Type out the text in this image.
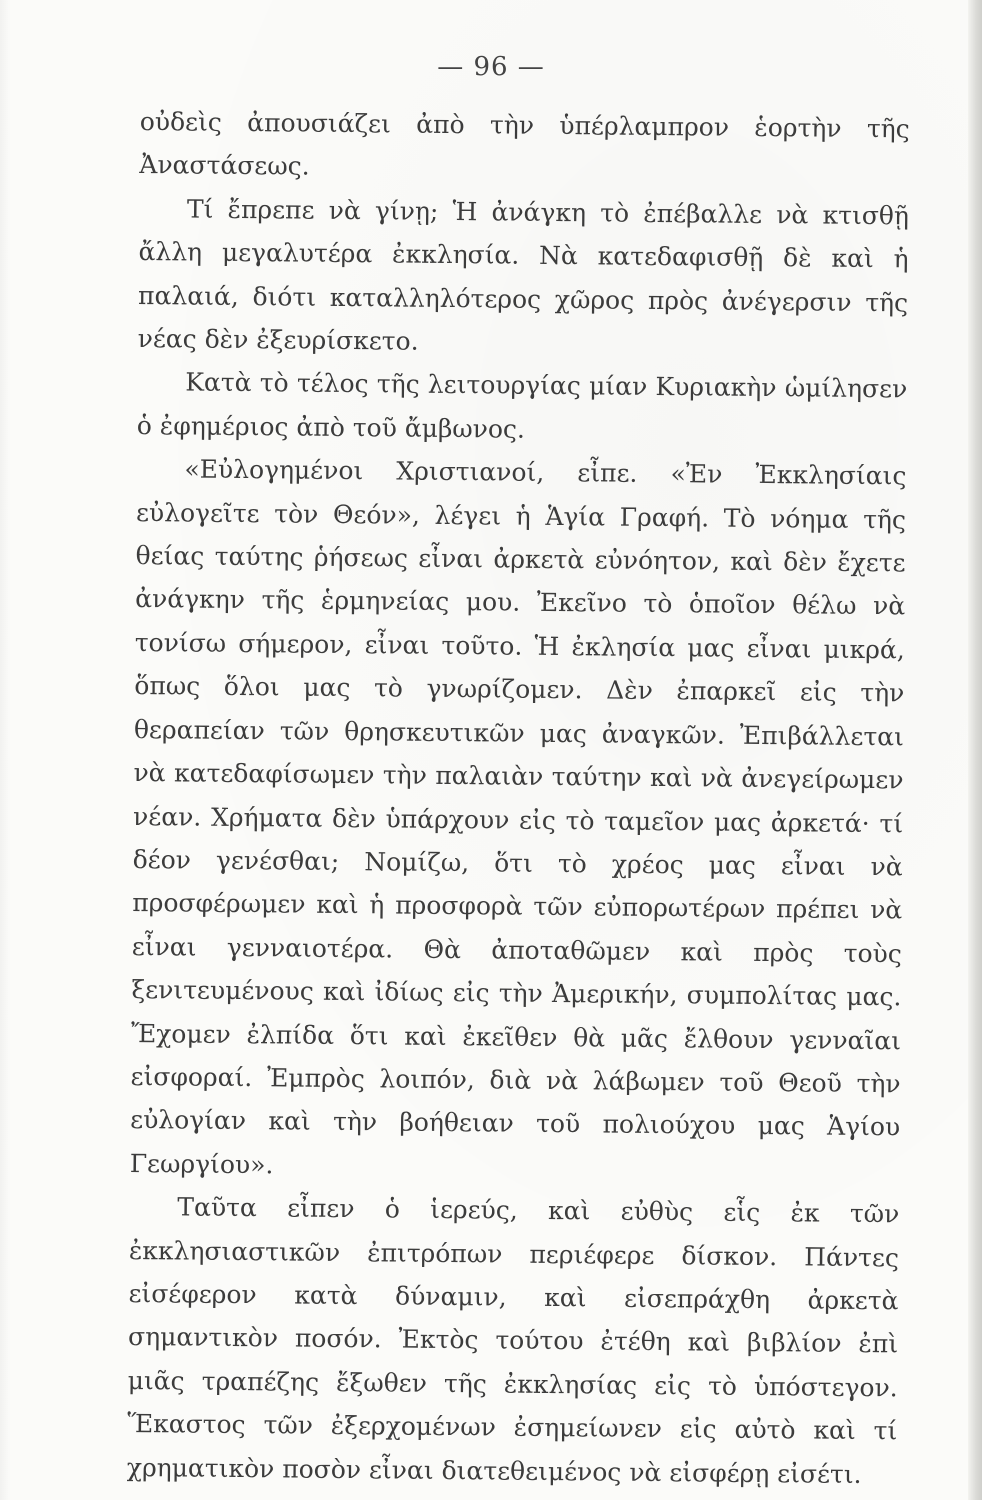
— 96 —

οὐδεὶς ἀπουσιάζει ἀπὸ τὴν ὑπέρλαμπρον ἑορτὴν τῆς Ἀναστάσεως.

Τί ἔπρεπε νὰ γίνῃ; Ἡ ἀνάγκη τὸ ἐπέβαλλε νὰ κτισθῇ ἄλλη μεγαλυτέρα ἐκκλησία. Νὰ κατεδαφισθῇ δὲ καὶ ἡ παλαιά, διότι καταλληλότερος χῶρος πρὸς ἀνέγερσιν τῆς νέας δὲν ἐξευρίσκετο.

Κατὰ τὸ τέλος τῆς λειτουργίας μίαν Κυριακὴν ὡμίλησεν ὁ ἐφημέριος ἀπὸ τοῦ ἄμβωνος.

«Εὐλογημένοι Χριστιανοί, εἶπε. «Ἐν Ἐκκλησίαις εὐλογεῖτε τὸν Θεόν», λέγει ἡ Ἁγία Γραφή. Τὸ νόημα τῆς θείας ταύτης ῥήσεως εἶναι ἀρκετὰ εὐνόητον, καὶ δὲν ἔχετε ἀνάγκην τῆς ἑρμηνείας μου. Ἐκεῖνο τὸ ὁποῖον θέλω νὰ τονίσω σήμερον, εἶναι τοῦτο. Ἡ ἐκλησία μας εἶναι μικρά, ὅπως ὅλοι μας τὸ γνωρίζομεν. Δὲν ἐπαρκεῖ εἰς τὴν θεραπείαν τῶν θρησκευτικῶν μας ἀναγκῶν. Ἐπιβάλλεται νὰ κατεδαφίσωμεν τὴν παλαιὰν ταύτην καὶ νὰ ἀνεγείρωμεν νέαν. Χρήματα δὲν ὑπάρχουν εἰς τὸ ταμεῖον μας ἀρκετά· τί δέον γενέσθαι; Νομίζω, ὅτι τὸ χρέος μας εἶναι νὰ προσφέρωμεν καὶ ἡ προσφορὰ τῶν εὐπορωτέρων πρέπει νὰ εἶναι γενναιοτέρα. Θὰ ἀποταθῶμεν καὶ πρὸς τοὺς ξενιτευμένους καὶ ἰδίως εἰς τὴν Ἀμερικήν, συμπολίτας μας. Ἔχομεν ἐλπίδα ὅτι καὶ ἐκεῖθεν θὰ μᾶς ἔλθουν γενναῖαι εἰσφοραί. Ἐμπρὸς λοιπόν, διὰ νὰ λάβωμεν τοῦ Θεοῦ τὴν εὐλογίαν καὶ τὴν βοήθειαν τοῦ πολιούχου μας Ἁγίου Γεωργίου».

Ταῦτα εἶπεν ὁ ἱερεύς, καὶ εὐθὺς εἷς ἐκ τῶν ἐκκλησιαστικῶν ἐπιτρόπων περιέφερε δίσκον. Πάντες εἰσέφερον κατὰ δύναμιν, καὶ εἰσεπράχθη ἀρκετὰ σημαντικὸν ποσόν. Ἐκτὸς τούτου ἐτέθη καὶ βιβλίον ἐπὶ μιᾶς τραπέζης ἔξωθεν τῆς ἐκκλησίας εἰς τὸ ὑπόστεγον. Ἕκαστος τῶν ἐξερχομένων ἐσημείωνεν εἰς αὐτὸ καὶ τί χρηματικὸν ποσὸν εἶναι διατεθειμένος νὰ εἰσφέρῃ εἰσέτι.
